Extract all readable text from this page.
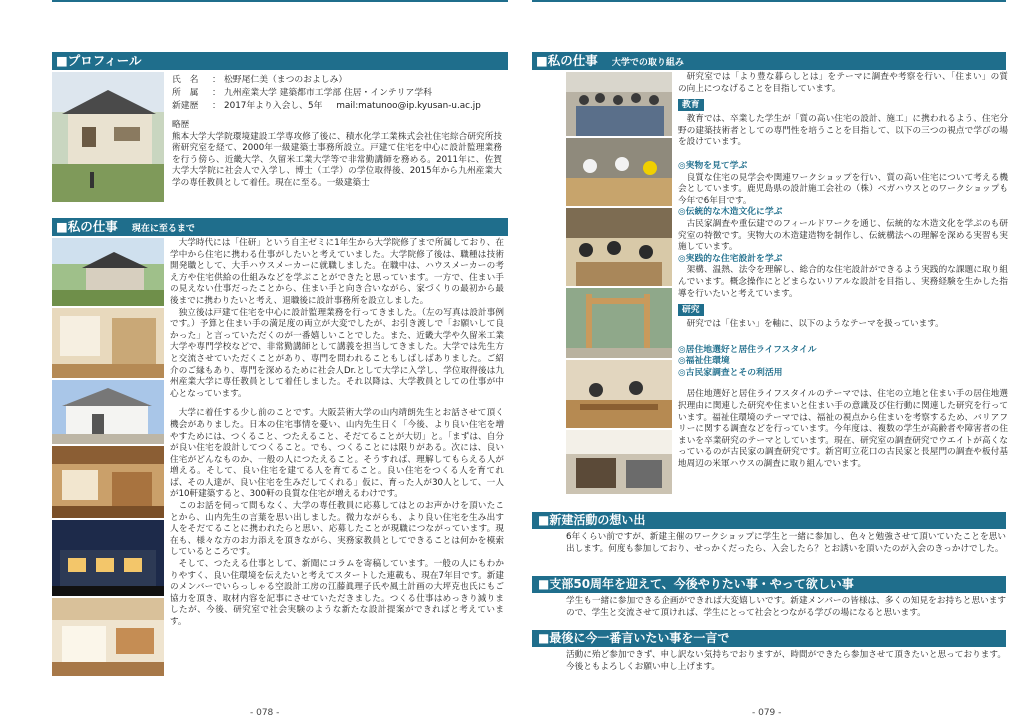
■プロフィール
氏　名	： 松野尾仁美（まつのおよしみ）
所　属	： 九州産業大学 建築都市工学部 住居・インテリア学科
新建歴	： 2017年より入会し、5年 mail:matunoo@ip.kyusan-u.ac.jp
略歴
熊本大学大学院環境建設工学専攻修了後に、積水化学工業株式会社住宅綜合研究所技術研究室を経て、2000年一級建築士事務所設立。戸建て住宅を中心に設計監理業務を行う傍ら、近畿大学、久留米工業大学等で非常勤講師を務める。2011年に、佐賀大学大学院に社会人で入学し、博士（工学）の学位取得後、2015年から九州産業大学の専任教員として着任。現在に至る。一級建築士
■私の仕事 現在に至るまで

大学時代には「住研」という自主ゼミに1年生から大学院修了まで所属しており、在学中から住宅に携わる仕事がしたいと考えていました。大学院修了後は、職種は技術開発職として、大手ハウスメーカーに就職しました。在職中は、ハウスメーカーの考え方や住宅供給の仕組みなどを学ぶことができたと思っています。一方で、住まい手の見えない仕事だったことから、住まい手と向き合いながら、家づくりの最初から最後までに携わりたいと考え、退職後に設計事務所を設立しました。

独立後は戸建て住宅を中心に設計監理業務を行ってきました。（左の写真は設計事例です。）予算と住まい手の満足度の両立が大変でしたが、お引き渡しで「お願いして良かった」と言っていただくのが一番嬉しいことでした。また、近畿大学や久留米工業大学や専門学校などで、非常勤講師として講義を担当してきました。大学では先生方と交流させていただくことがあり、専門を問われることもしばしばありました。ご紹介のご縁もあり、専門を深めるために社会人Dr.として大学に入学し、学位取得後は九州産業大学に専任教員として着任しました。それ以降は、大学教員としての仕事が中心となっています。

大学に着任する少し前のことです。大阪芸術大学の山内靖朗先生とお話させて頂く機会がありました。日本の住宅事情を憂い、山内先生日く「今後、より良い住宅を増やすためには、つくること、つたえること、そだてることが大切」と。「まずは、自分が良い住宅を設計してつくること。でも、つくることには限りがある。次には、良い住宅がどんなものか、一般の人につたえること。そうすれば、理解してもらえる人が増える。そして、良い住宅を建てる人を育てること。良い住宅をつくる人を育てれば、その人達が、良い住宅を生みだしてくれる」仮に、育った人が30人として、一人が10軒建築すると、300軒の良質な住宅が増えるわけです。

このお話を伺って間もなく、大学の専任教員に応募してはとのお声かけを頂いたことから、山内先生の言葉を思い出しました。微力ながらも、より良い住宅を生み出す人をそだてることに携われたらと思い、応募したことが現職につながっています。現在も、様々な方のお力添えを頂きながら、実務家教員としてできることは何かを模索しているところです。

そして、つたえる仕事として、新聞にコラムを寄稿しています。一般の人にもわかりやすく、良い住環境を伝えたいと考えてスタートした連載も、現在7年目です。新建のメンバーでいらっしゃる空設計工房の江藤眞理子氏や風土計画の大坪克也氏にもご協力を頂き、取材内容を記事にさせていただきました。つくる仕事はめっきり減りましたが、今後、研究室で社会実験のような新たな設計提案ができればと考えています。

- 078 -
■私の仕事 大学での取り組み

研究室では「より豊な暮らしとは」をテーマに調査や考察を行い、「住まい」の質の向上につなげることを目指しています。

教育

教育では、卒業した学生が「質の高い住宅の設計、施工」に携われるよう、住宅分野の建築技術者としての専門性を培うことを目指して、以下の三つの視点で学びの場を設けています。

◎実物を見て学ぶ

良質な住宅の見学会や関連ワークショップを行い、質の高い住宅について考える機会としています。鹿児島県の設計施工会社の（株）ベガハウスとのワークショップも今年で6年目です。

◎伝統的な木造文化に学ぶ

古民家調査や重伝建でのフィールドワークを通じ、伝統的な木造文化を学ぶのも研究室の特徴です。実物大の木造建造物を制作し、伝統構法への理解を深める実習も実施しています。

◎実践的な住宅設計を学ぶ

架構、温熱、法令を理解し、総合的な住宅設計ができるよう実践的な課題に取り組んでいます。概念操作にとどまらないリアルな設計を目指し、実務経験を生かした指導を行いたいと考えています。

研究

研究では「住まい」を軸に、以下のようなテーマを扱っています。

◎居住地選好と居住ライフスタイル
◎福祉住環境
◎古民家調査とその利活用

居住地選好と居住ライフスタイルのテーマでは、住宅の立地と住まい手の居住地選択理由に関連した研究や住まいと住まい手の意識及び住行動に関連した研究を行っています。福祉住環境のテーマでは、福祉の視点から住まいを考察するため、バリアフリーに関する調査などを行っています。今年度は、複数の学生が高齢者や障害者の住まいを卒業研究のテーマとしています。現在、研究室の調査研究でウエイトが高くなっているのが古民家の調査研究です。新宮町立花口の古民家と長屋門の調査や板付基地周辺の米軍ハウスの調査に取り組んでいます。

■新建活動の想い出
6年くらい前ですが、新建主催のワークショップに学生と一緒に参加し、色々と勉強させて頂いていたことを思い出します。何度も参加しており、せっかくだったら、入会したら？とお誘いを頂いたのが入会のきっかけでした。
■支部50周年を迎えて、今後やりたい事・やって欲しい事
学生も一緒に参加できる企画ができれば大変嬉しいです。新建メンバーの皆様は、多くの知見をお持ちと思いますので、学生と交流させて頂ければ、学生にとって社会とつながる学びの場になると思います。
■最後に今一番言いたい事を一言で
活動に殆ど参加できず、申し訳ない気持ちでおりますが、時間ができたら参加させて頂きたいと思っております。今後ともよろしくお願い申し上げます。
- 079 -
